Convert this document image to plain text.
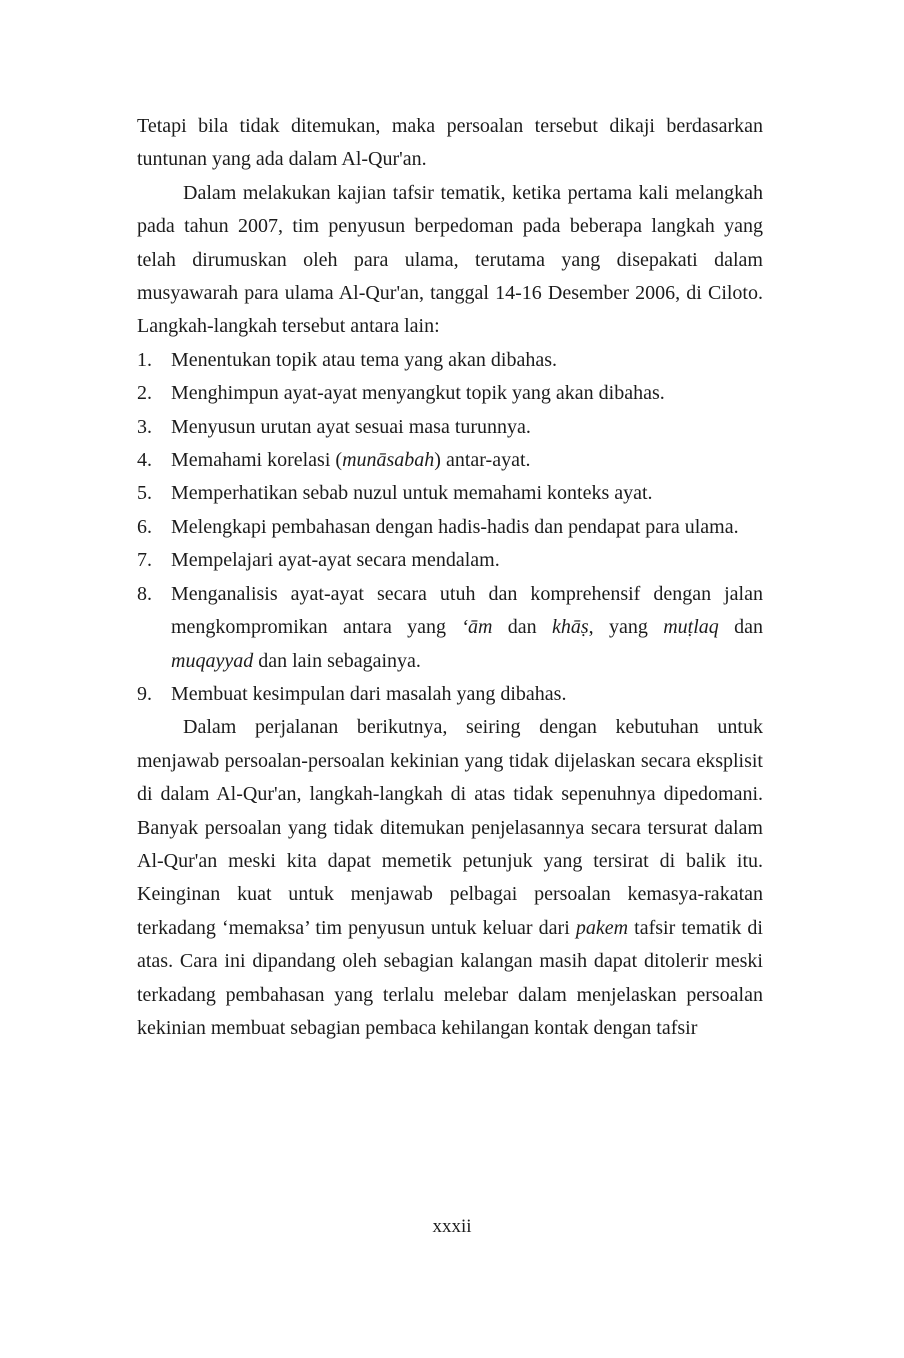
Tetapi bila tidak ditemukan, maka persoalan tersebut dikaji berdasarkan tuntunan yang ada dalam Al-Qur'an.

Dalam melakukan kajian tafsir tematik, ketika pertama kali melangkah pada tahun 2007, tim penyusun berpedoman pada beberapa langkah yang telah dirumuskan oleh para ulama, terutama yang disepakati dalam musyawarah para ulama Al-Qur'an, tanggal 14-16 Desember 2006, di Ciloto. Langkah-langkah tersebut antara lain:

1. Menentukan topik atau tema yang akan dibahas.
2. Menghimpun ayat-ayat menyangkut topik yang akan dibahas.
3. Menyusun urutan ayat sesuai masa turunnya.
4. Memahami korelasi (munāsabah) antar-ayat.
5. Memperhatikan sebab nuzul untuk memahami konteks ayat.
6. Melengkapi pembahasan dengan hadis-hadis dan pendapat para ulama.
7. Mempelajari ayat-ayat secara mendalam.
8. Menganalisis ayat-ayat secara utuh dan komprehensif dengan jalan mengkompromikan antara yang ‘ām dan khāṣ, yang muṭlaq dan muqayyad dan lain sebagainya.
9. Membuat kesimpulan dari masalah yang dibahas.

Dalam perjalanan berikutnya, seiring dengan kebutuhan untuk menjawab persoalan-persoalan kekinian yang tidak dijelaskan secara eksplisit di dalam Al-Qur'an, langkah-langkah di atas tidak sepenuhnya dipedomani. Banyak persoalan yang tidak ditemukan penjelasannya secara tersurat dalam Al-Qur'an meski kita dapat memetik petunjuk yang tersirat di balik itu. Keinginan kuat untuk menjawab pelbagai persoalan kemasya-rakatan terkadang ‘memaksa’ tim penyusun untuk keluar dari pakem tafsir tematik di atas. Cara ini dipandang oleh sebagian kalangan masih dapat ditolerir meski terkadang pembahasan yang terlalu melebar dalam menjelaskan persoalan kekinian membuat sebagian pembaca kehilangan kontak dengan tafsir

xxxii
